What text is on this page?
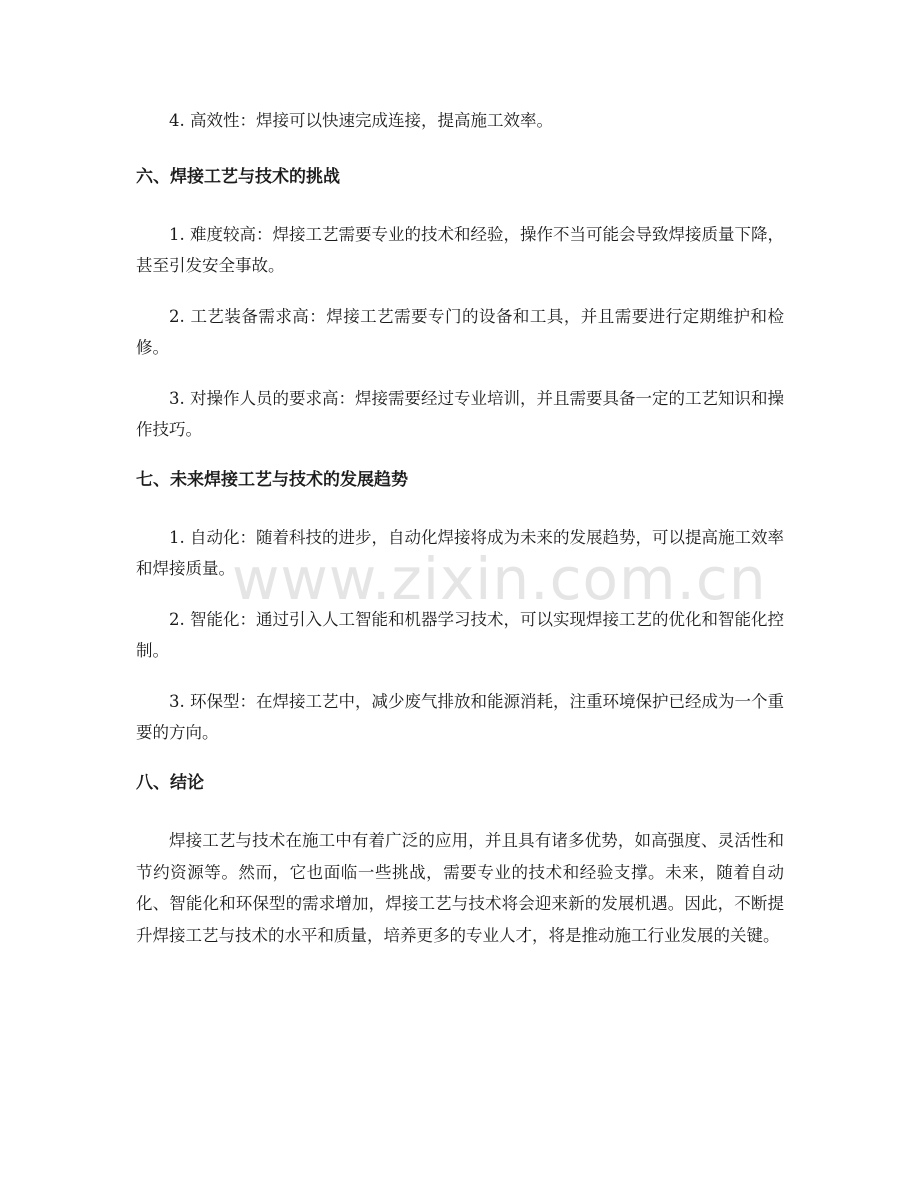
4. 高效性：焊接可以快速完成连接，提高施工效率。

六、焊接工艺与技术的挑战

1. 难度较高：焊接工艺需要专业的技术和经验，操作不当可能会导致焊接质量下降，甚至引发安全事故。

2. 工艺装备需求高：焊接工艺需要专门的设备和工具，并且需要进行定期维护和检修。

3. 对操作人员的要求高：焊接需要经过专业培训，并且需要具备一定的工艺知识和操作技巧。

七、未来焊接工艺与技术的发展趋势

1. 自动化：随着科技的进步，自动化焊接将成为未来的发展趋势，可以提高施工效率和焊接质量。

2. 智能化：通过引入人工智能和机器学习技术，可以实现焊接工艺的优化和智能化控制。

3. 环保型：在焊接工艺中，减少废气排放和能源消耗，注重环境保护已经成为一个重要的方向。

八、结论

焊接工艺与技术在施工中有着广泛的应用，并且具有诸多优势，如高强度、灵活性和节约资源等。然而，它也面临一些挑战，需要专业的技术和经验支撑。未来，随着自动化、智能化和环保型的需求增加，焊接工艺与技术将会迎来新的发展机遇。因此，不断提升焊接工艺与技术的水平和质量，培养更多的专业人才，将是推动施工行业发展的关键。

www.zixin.com.cn
